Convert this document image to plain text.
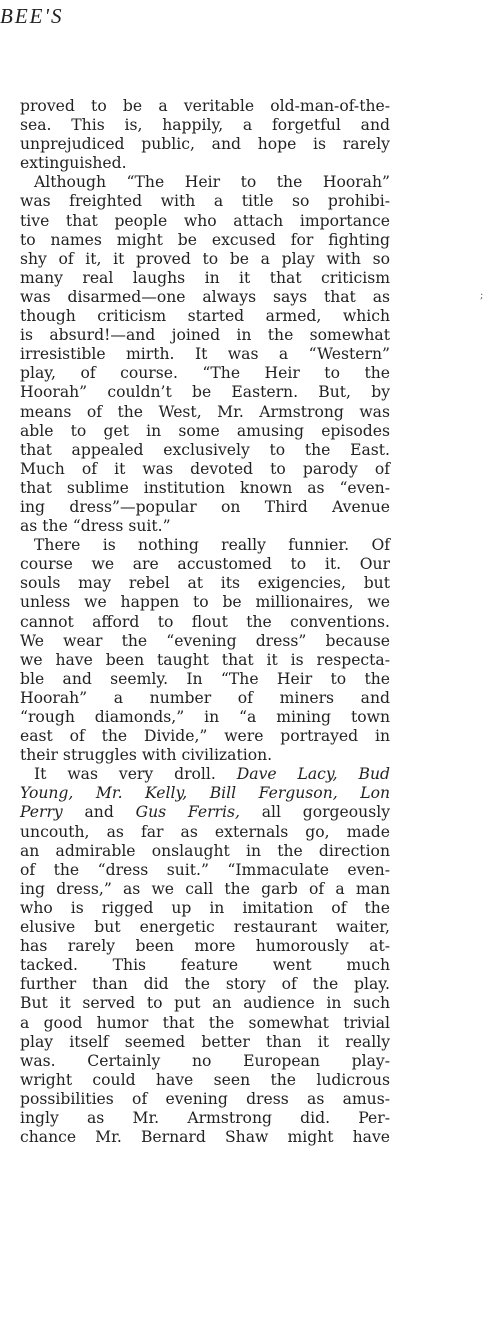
BEE'S
proved to be a veritable old-man-of-the-
sea. This is, happily, a forgetful and
unprejudiced public, and hope is rarely
extinguished.
Although “The Heir to the Hoorah”
was freighted with a title so prohibi-
tive that people who attach importance
to names might be excused for fighting
shy of it, it proved to be a play with so
many real laughs in it that criticism
was disarmed—one always says that as
though criticism started armed, which
is absurd!—and joined in the somewhat
irresistible mirth. It was a “Western”
play, of course. “The Heir to the
Hoorah” couldn’t be Eastern. But, by
means of the West, Mr. Armstrong was
able to get in some amusing episodes
that appealed exclusively to the East.
Much of it was devoted to parody of
that sublime institution known as “even-
ing dress”—popular on Third Avenue
as the “dress suit.”
There is nothing really funnier. Of
course we are accustomed to it. Our
souls may rebel at its exigencies, but
unless we happen to be millionaires, we
cannot afford to flout the conventions.
We wear the “evening dress” because
we have been taught that it is respecta-
ble and seemly. In “The Heir to the
Hoorah” a number of miners and
“rough diamonds,” in “a mining town
east of the Divide,” were portrayed in
their struggles with civilization.
It was very droll. Dave Lacy, Bud
Young, Mr. Kelly, Bill Ferguson, Lon
Perry and Gus Ferris, all gorgeously
uncouth, as far as externals go, made
an admirable onslaught in the direction
of the “dress suit.” “Immaculate even-
ing dress,” as we call the garb of a man
who is rigged up in imitation of the
elusive but energetic restaurant waiter,
has rarely been more humorously at-
tacked. This feature went much
further than did the story of the play.
But it served to put an audience in such
a good humor that the somewhat trivial
play itself seemed better than it really
was. Certainly no European play-
wright could have seen the ludicrous
possibilities of evening dress as amus-
ingly as Mr. Armstrong did. Per-
chance Mr. Bernard Shaw might have
;
